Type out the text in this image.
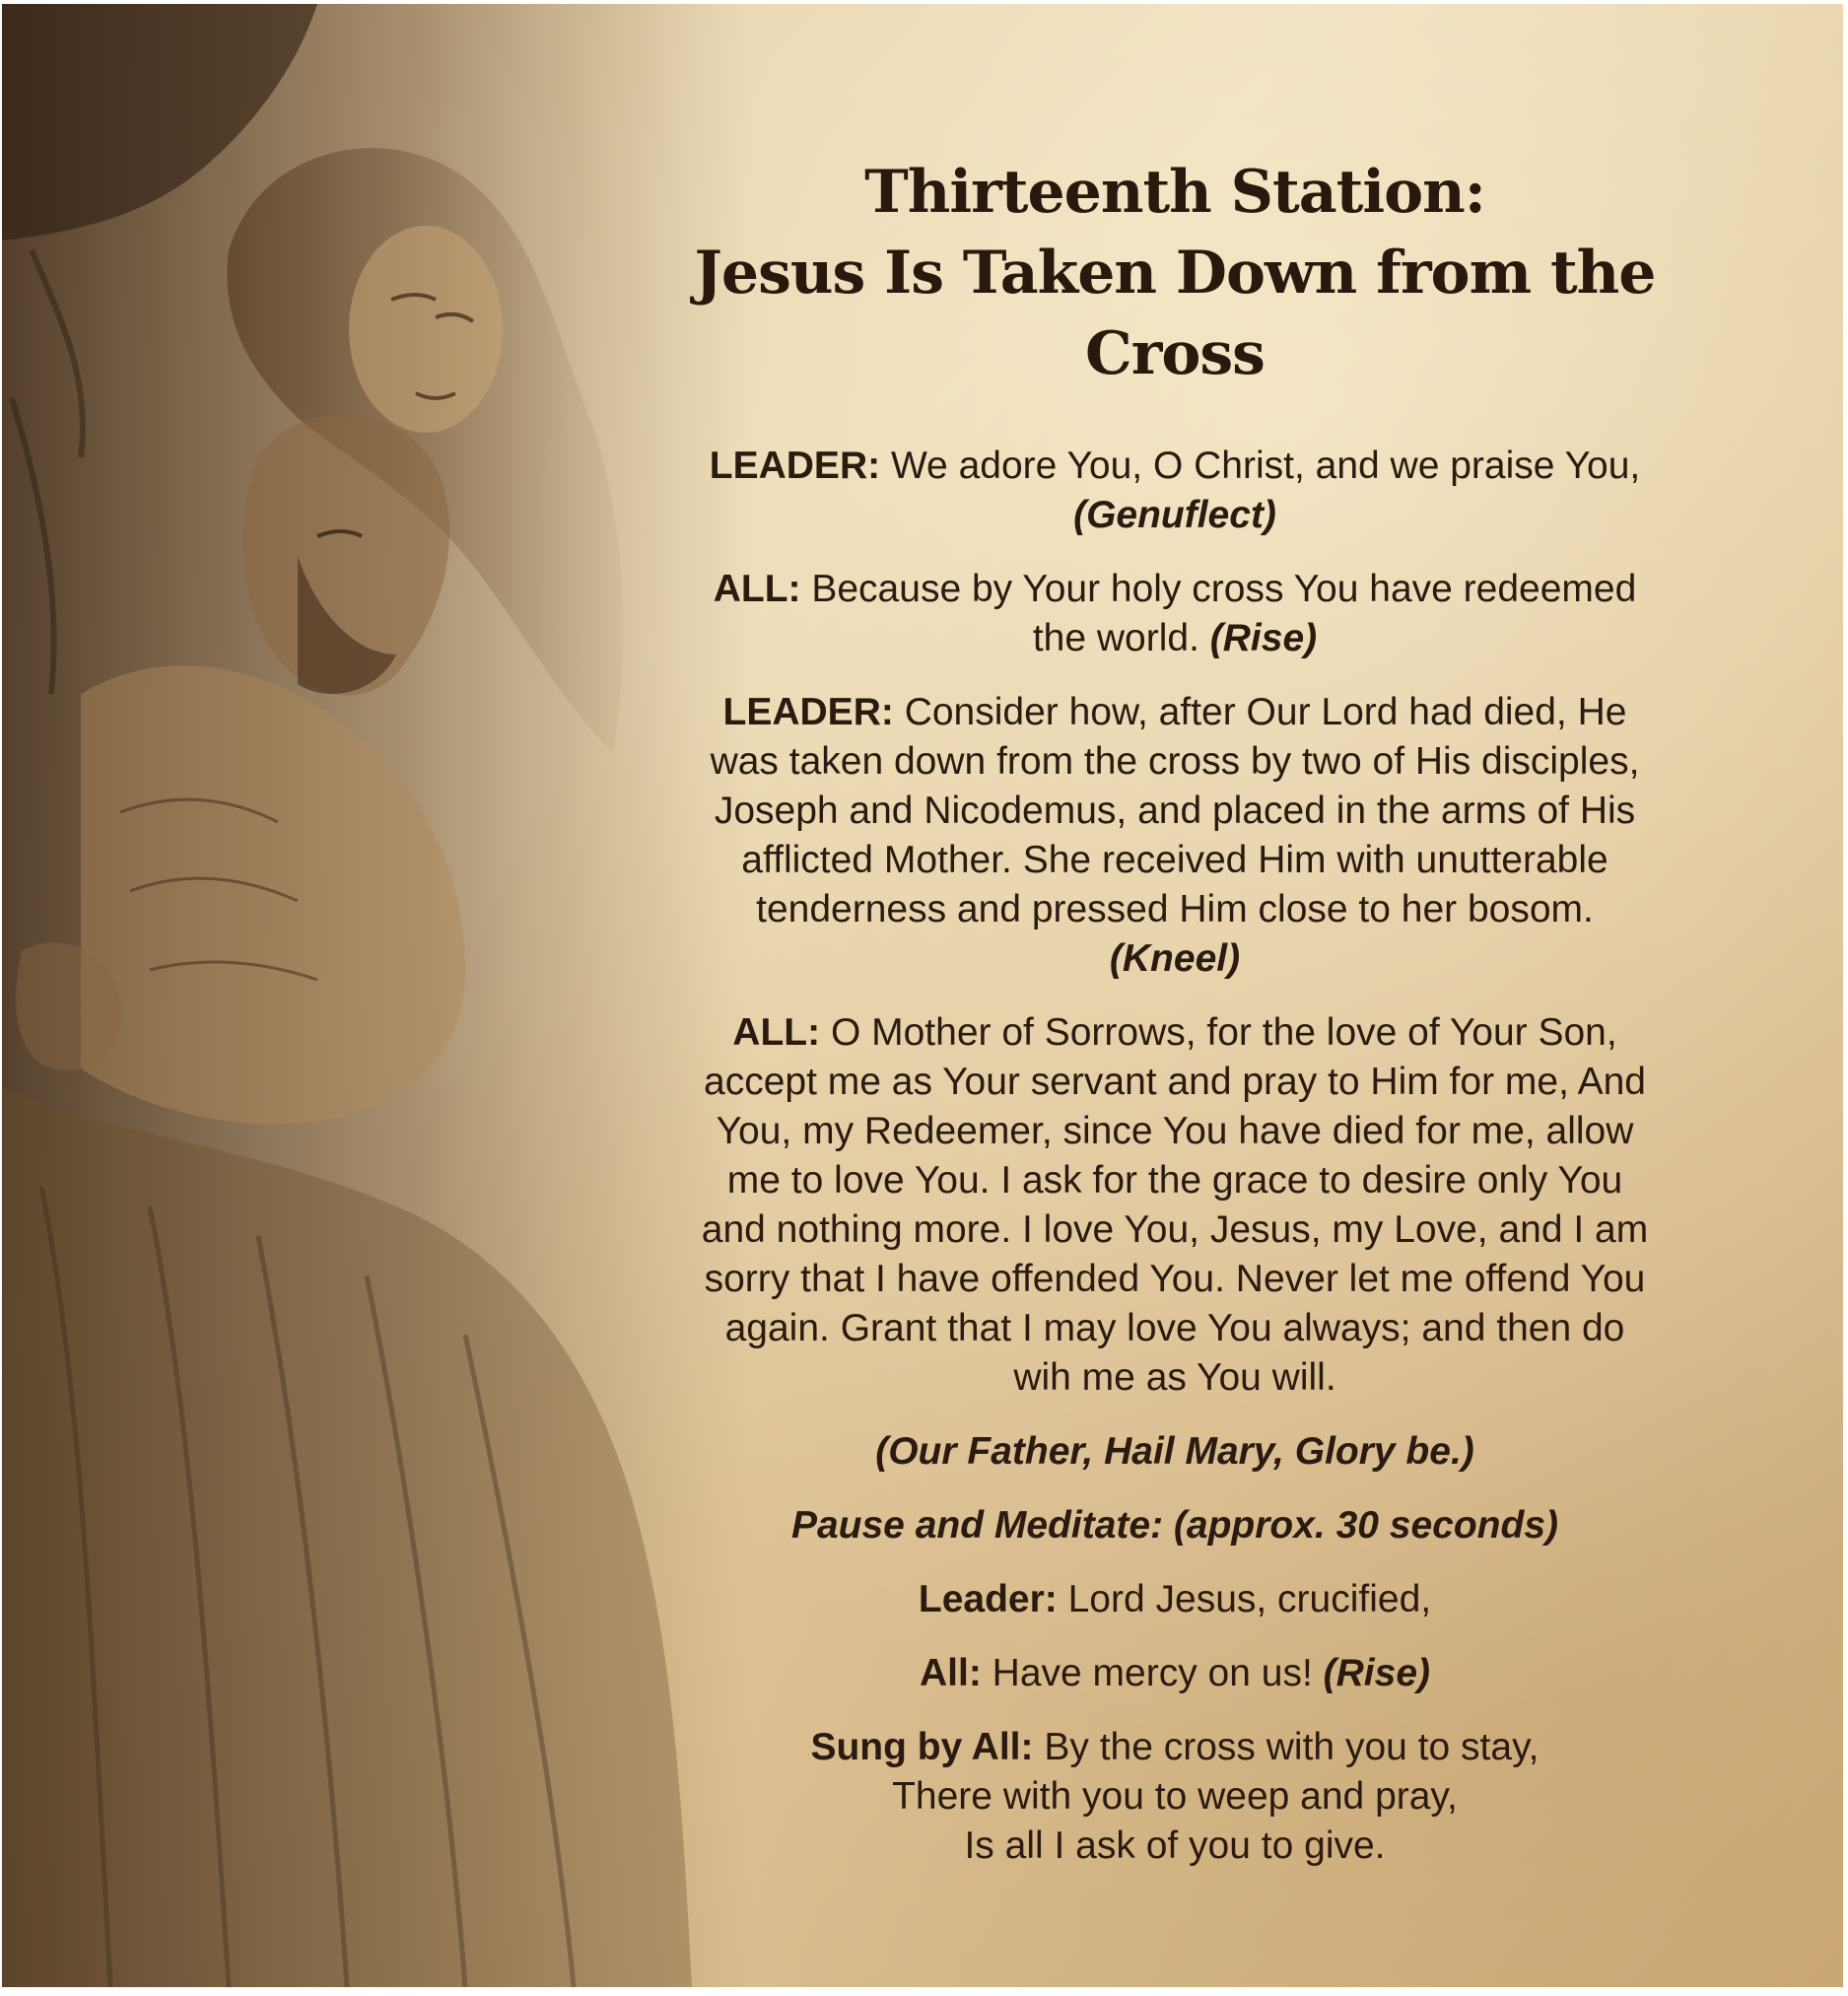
Thirteenth Station:
Jesus Is Taken Down from the Cross

LEADER: We adore You, O Christ, and we praise You,
(Genuflect)

ALL: Because by Your holy cross You have redeemed
the world. (Rise)

LEADER: Consider how, after Our Lord had died, He
was taken down from the cross by two of His disciples,
Joseph and Nicodemus, and placed in the arms of His
afflicted Mother. She received Him with unutterable
tenderness and pressed Him close to her bosom.
(Kneel)

ALL: O Mother of Sorrows, for the love of Your Son,
accept me as Your servant and pray to Him for me, And
You, my Redeemer, since You have died for me, allow
me to love You. I ask for the grace to desire only You
and nothing more. I love You, Jesus, my Love, and I am
sorry that I have offended You. Never let me offend You
again. Grant that I may love You always; and then do
wih me as You will.

(Our Father, Hail Mary, Glory be.)

Pause and Meditate: (approx. 30 seconds)

Leader: Lord Jesus, crucified,

All: Have mercy on us! (Rise)

Sung by All: By the cross with you to stay,
There with you to weep and pray,
Is all I ask of you to give.
